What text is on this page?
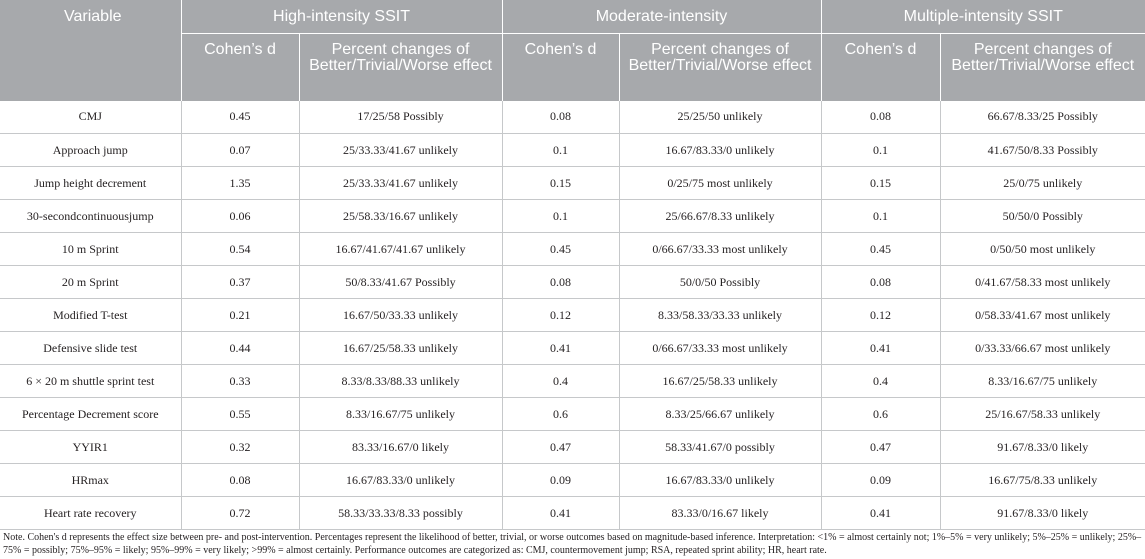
Variable	High-intensity SSIT		Moderate-intensity		Multiple-intensity SSIT	
	Cohen’s d	Percent changes of Better/Trivial/Worse effect	Cohen’s d	Percent changes of Better/Trivial/Worse effect	Cohen’s d	Percent changes of Better/Trivial/Worse effect
CMJ	0.45	17/25/58 Possibly	0.08	25/25/50 unlikely	0.08	66.67/8.33/25 Possibly
Approach jump	0.07	25/33.33/41.67 unlikely	0.1	16.67/83.33/0 unlikely	0.1	41.67/50/8.33 Possibly
Jump height decrement	1.35	25/33.33/41.67 unlikely	0.15	0/25/75 most unlikely	0.15	25/0/75 unlikely
30-secondcontinuousjump	0.06	25/58.33/16.67 unlikely	0.1	25/66.67/8.33 unlikely	0.1	50/50/0 Possibly
10 m Sprint	0.54	16.67/41.67/41.67 unlikely	0.45	0/66.67/33.33 most unlikely	0.45	0/50/50 most unlikely
20 m Sprint	0.37	50/8.33/41.67 Possibly	0.08	50/0/50 Possibly	0.08	0/41.67/58.33 most unlikely
Modified T-test	0.21	16.67/50/33.33 unlikely	0.12	8.33/58.33/33.33 unlikely	0.12	0/58.33/41.67 most unlikely
Defensive slide test	0.44	16.67/25/58.33 unlikely	0.41	0/66.67/33.33 most unlikely	0.41	0/33.33/66.67 most unlikely
6 × 20 m shuttle sprint test	0.33	8.33/8.33/88.33 unlikely	0.4	16.67/25/58.33 unlikely	0.4	8.33/16.67/75 unlikely
Percentage Decrement score	0.55	8.33/16.67/75 unlikely	0.6	8.33/25/66.67 unlikely	0.6	25/16.67/58.33 unlikely
YYIR1	0.32	83.33/16.67/0 likely	0.47	58.33/41.67/0 possibly	0.47	91.67/8.33/0 likely
HRmax	0.08	16.67/83.33/0 unlikely	0.09	16.67/83.33/0 unlikely	0.09	16.67/75/8.33 unlikely
Heart rate recovery	0.72	58.33/33.33/8.33 possibly	0.41	83.33/0/16.67 likely	0.41	91.67/8.33/0 likely

Note. Cohen's d represents the effect size between pre- and post-intervention. Percentages represent the likelihood of better, trivial, or worse outcomes based on magnitude-based inference. Interpretation: <1% = almost certainly not; 1%–5% = very unlikely; 5%–25% = unlikely; 25%–75% = possibly; 75%–95% = likely; 95%–99% = very likely; >99% = almost certainly. Performance outcomes are categorized as: CMJ, countermovement jump; RSA, repeated sprint ability; HR, heart rate.
